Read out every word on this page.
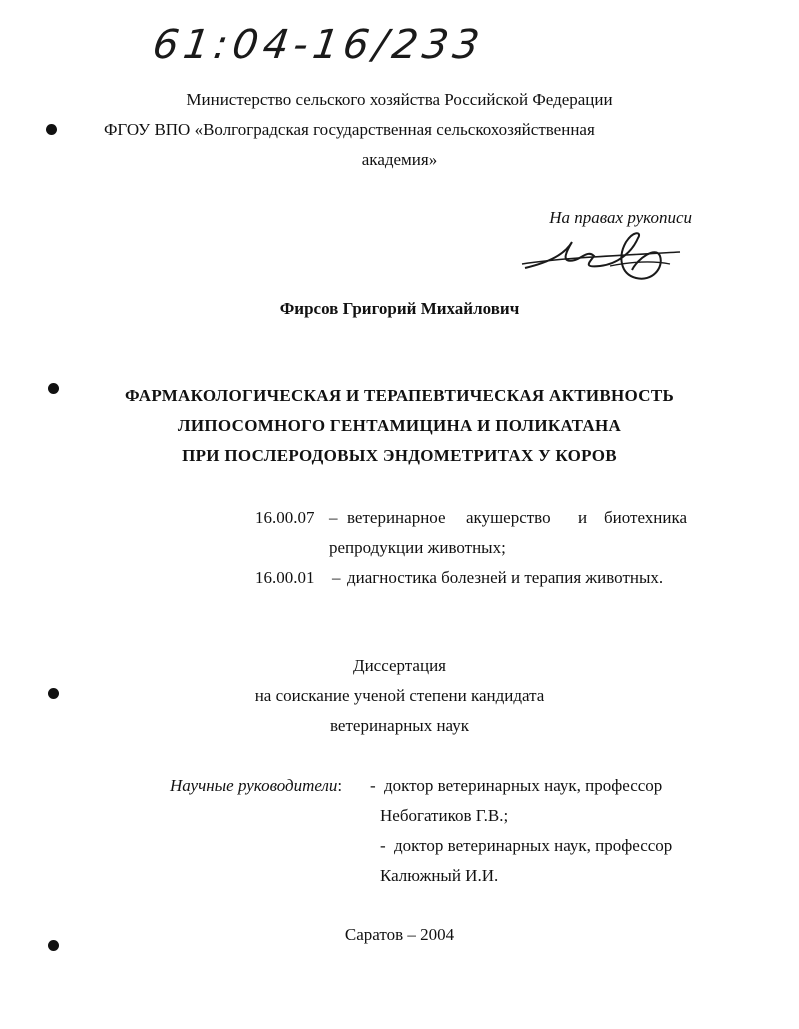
61:04-16/233
Министерство сельского хозяйства Российской Федерации
ФГОУ ВПО «Волгоградская государственная сельскохозяйственная
академия»
На правах рукописи
Фирсов Григорий Михайлович
ФАРМАКОЛОГИЧЕСКАЯ И ТЕРАПЕВТИЧЕСКАЯ АКТИВНОСТЬ
ЛИПОСОМНОГО ГЕНТАМИЦИНА И ПОЛИКАТАНА
ПРИ ПОСЛЕРОДОВЫХ ЭНДОМЕТРИТАХ У КОРОВ
16.00.07 – ветеринарное акушерство и биотехника
репродукции животных;
16.00.01 – диагностика болезней и терапия животных.
Диссертация
на соискание ученой степени кандидата
ветеринарных наук
Научные руководители: - доктор ветеринарных наук, профессор
Небогатиков Г.В.;
- доктор ветеринарных наук, профессор
Калюжный И.И.
Саратов – 2004
